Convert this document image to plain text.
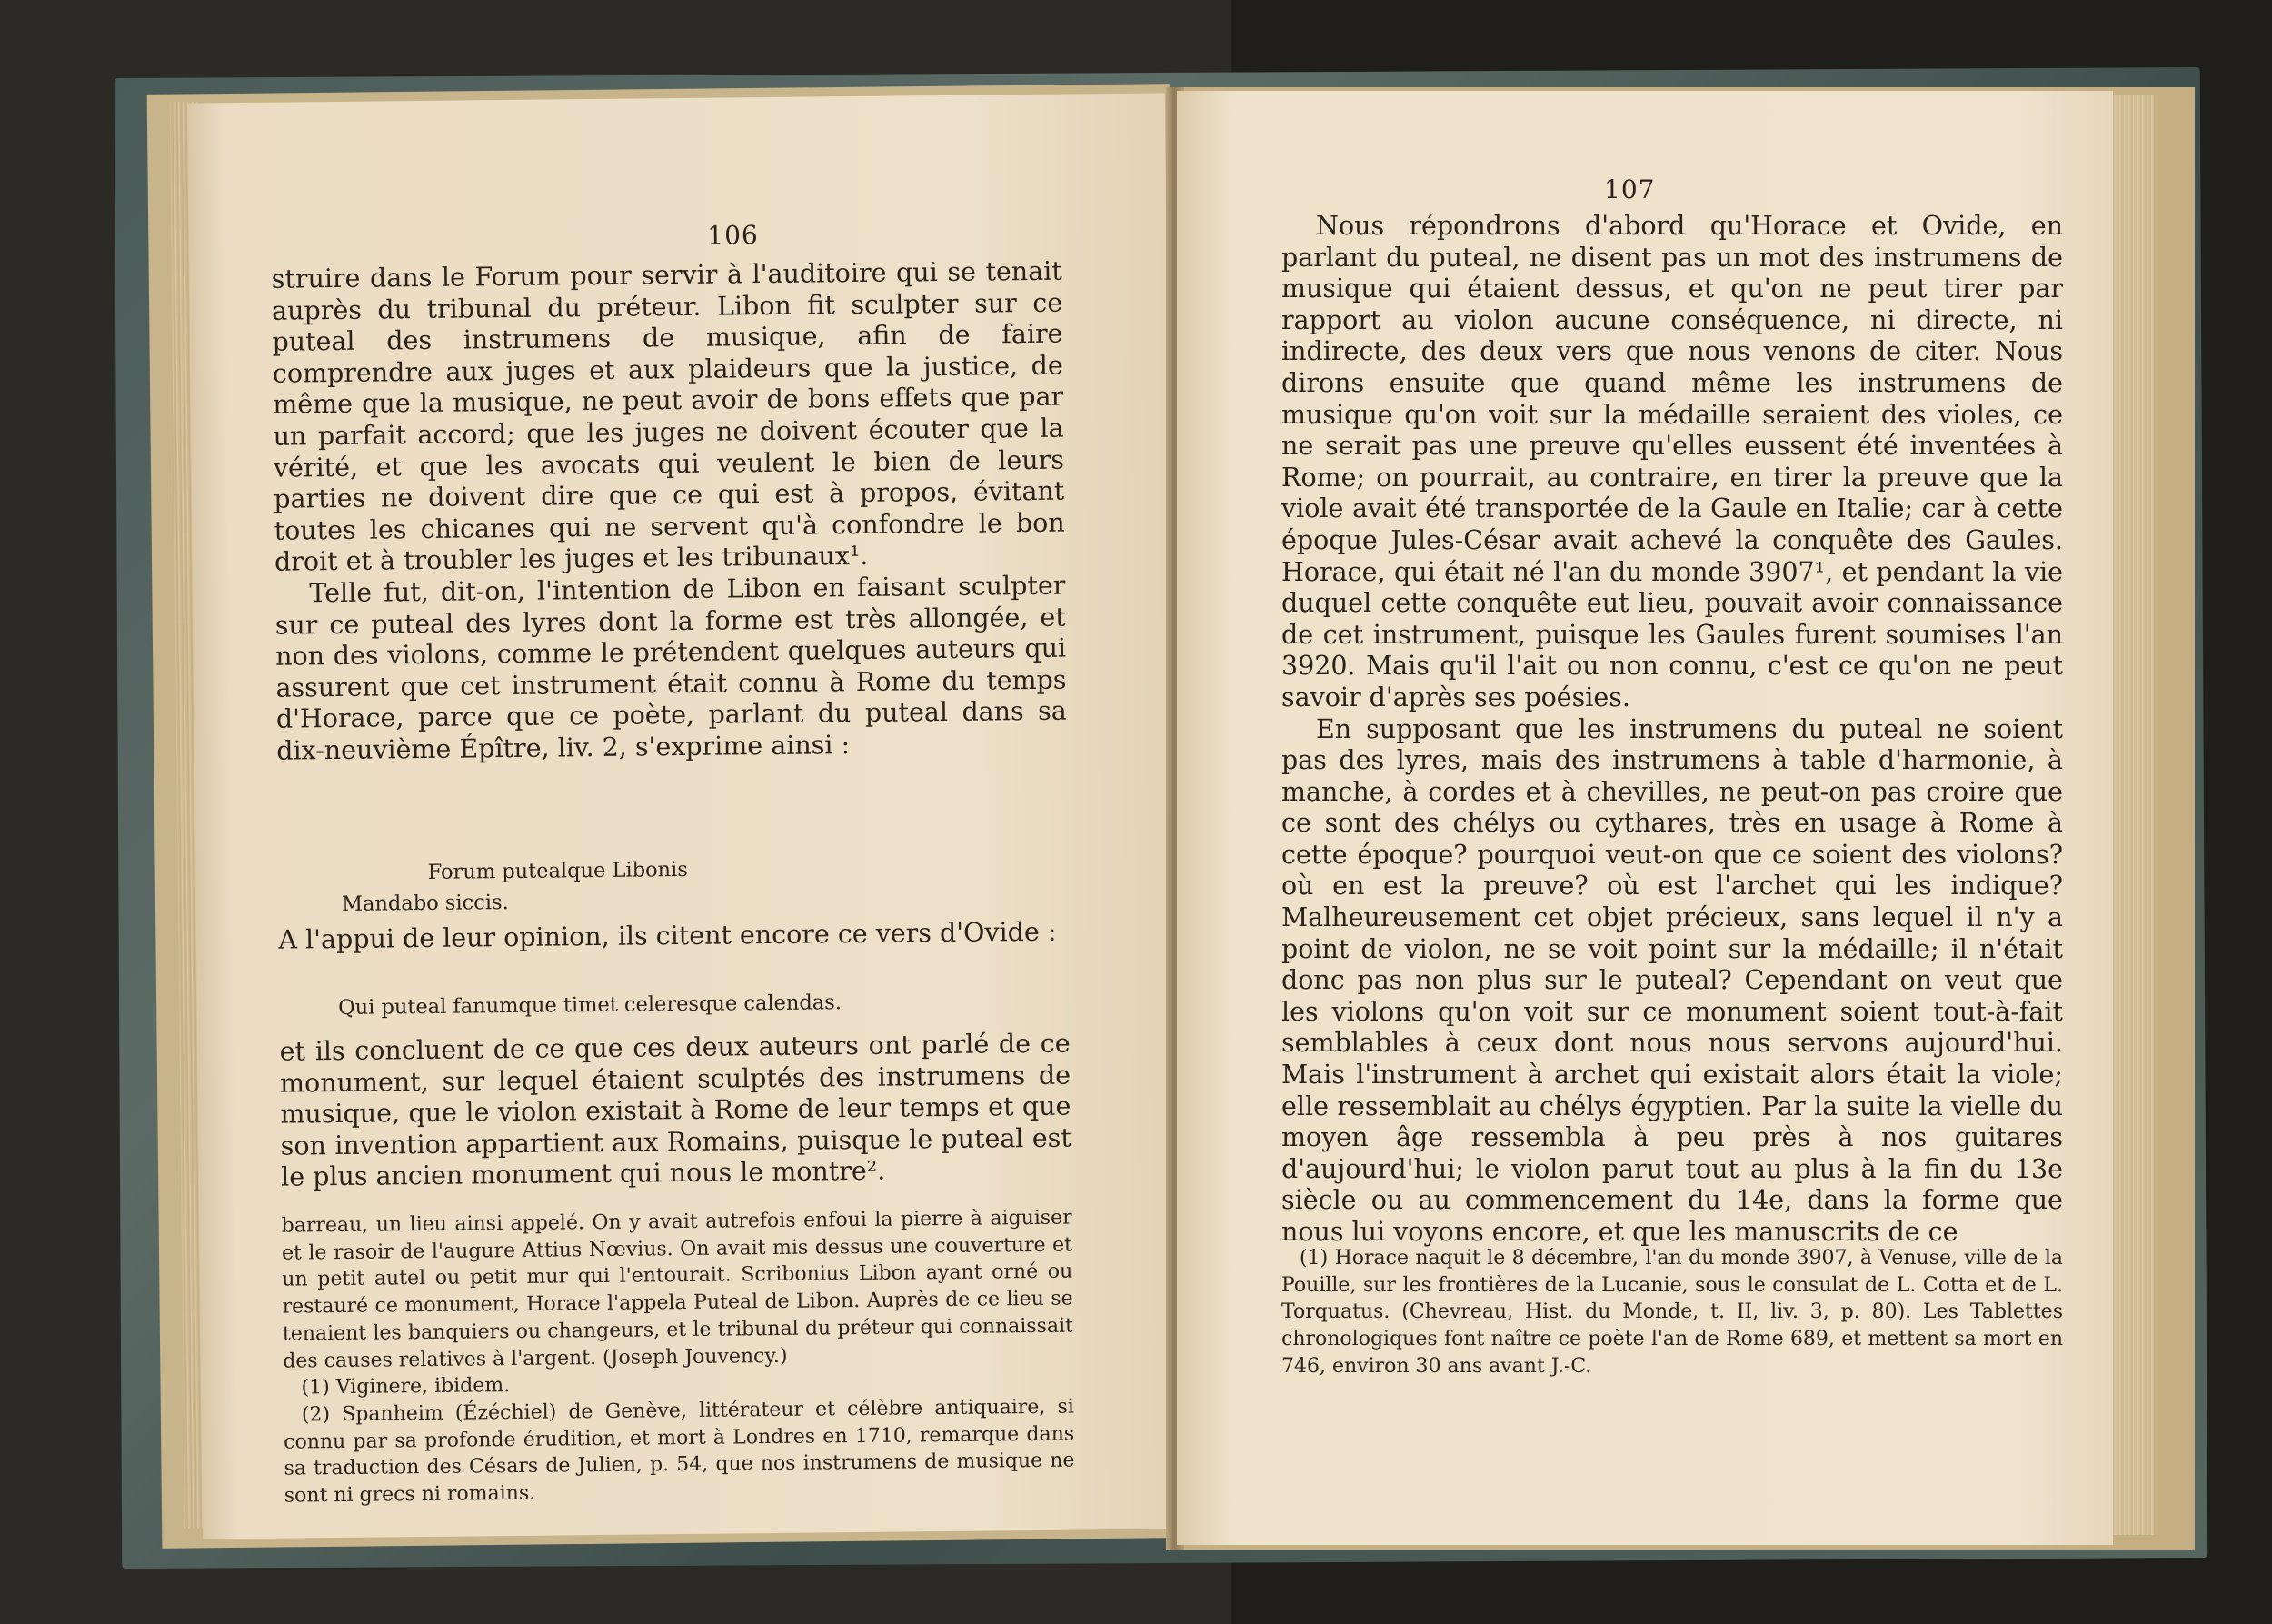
106

struire dans le Forum pour servir à l'auditoire qui se tenait auprès du tribunal du préteur. Libon fit sculpter sur ce puteal des instrumens de musique, afin de faire comprendre aux juges et aux plaideurs que la justice, de même que la musique, ne peut avoir de bons effets que par un parfait accord; que les juges ne doivent écouter que la vérité, et que les avocats qui veulent le bien de leurs parties ne doivent dire que ce qui est à propos, évitant toutes les chicanes qui ne servent qu'à confondre le bon droit et à troubler les juges et les tribunaux¹.

Telle fut, dit-on, l'intention de Libon en faisant sculpter sur ce puteal des lyres dont la forme est très allongée, et non des violons, comme le prétendent quelques auteurs qui assurent que cet instrument était connu à Rome du temps d'Horace, parce que ce poète, parlant du puteal dans sa dix-neuvième Épître, liv. 2, s'exprime ainsi :

Forum putealque Libonis
Mandabo siccis.

A l'appui de leur opinion, ils citent encore ce vers d'Ovide :

Qui puteal fanumque timet celeresque calendas.

et ils concluent de ce que ces deux auteurs ont parlé de ce monument, sur lequel étaient sculptés des instrumens de musique, que le violon existait à Rome de leur temps et que son invention appartient aux Romains, puisque le puteal est le plus ancien monument qui nous le montre².

barreau, un lieu ainsi appelé. On y avait autrefois enfoui la pierre à aiguiser et le rasoir de l'augure Attius Nœvius. On avait mis dessus une couverture et un petit autel ou petit mur qui l'entourait. Scribonius Libon ayant orné ou restauré ce monument, Horace l'appela Puteal de Libon. Auprès de ce lieu se tenaient les banquiers ou changeurs, et le tribunal du préteur qui connaissait des causes relatives à l'argent. (Joseph Jouvency.)

(1) Viginere, ibidem.

(2) Spanheim (Ézéchiel) de Genève, littérateur et célèbre antiquaire, si connu par sa profonde érudition, et mort à Londres en 1710, remarque dans sa traduction des Césars de Julien, p. 54, que nos instrumens de musique ne sont ni grecs ni romains.

107

Nous répondrons d'abord qu'Horace et Ovide, en parlant du puteal, ne disent pas un mot des instrumens de musique qui étaient dessus, et qu'on ne peut tirer par rapport au violon aucune conséquence, ni directe, ni indirecte, des deux vers que nous venons de citer. Nous dirons ensuite que quand même les instrumens de musique qu'on voit sur la médaille seraient des violes, ce ne serait pas une preuve qu'elles eussent été inventées à Rome; on pourrait, au contraire, en tirer la preuve que la viole avait été transportée de la Gaule en Italie; car à cette époque Jules-César avait achevé la conquête des Gaules. Horace, qui était né l'an du monde 3907¹, et pendant la vie duquel cette conquête eut lieu, pouvait avoir connaissance de cet instrument, puisque les Gaules furent soumises l'an 3920. Mais qu'il l'ait ou non connu, c'est ce qu'on ne peut savoir d'après ses poésies.

En supposant que les instrumens du puteal ne soient pas des lyres, mais des instrumens à table d'harmonie, à manche, à cordes et à chevilles, ne peut-on pas croire que ce sont des chélys ou cythares, très en usage à Rome à cette époque? pourquoi veut-on que ce soient des violons? où en est la preuve? où est l'archet qui les indique? Malheureusement cet objet précieux, sans lequel il n'y a point de violon, ne se voit point sur la médaille; il n'était donc pas non plus sur le puteal? Cependant on veut que les violons qu'on voit sur ce monument soient tout-à-fait semblables à ceux dont nous nous servons aujourd'hui. Mais l'instrument à archet qui existait alors était la viole; elle ressemblait au chélys égyptien. Par la suite la vielle du moyen âge ressembla à peu près à nos guitares d'aujourd'hui; le violon parut tout au plus à la fin du 13e siècle ou au commencement du 14e, dans la forme que nous lui voyons encore, et que les manuscrits de ce

(1) Horace naquit le 8 décembre, l'an du monde 3907, à Venuse, ville de la Pouille, sur les frontières de la Lucanie, sous le consulat de L. Cotta et de L. Torquatus. (Chevreau, Hist. du Monde, t. II, liv. 3, p. 80). Les Tablettes chronologiques font naître ce poète l'an de Rome 689, et mettent sa mort en 746, environ 30 ans avant J.-C.
